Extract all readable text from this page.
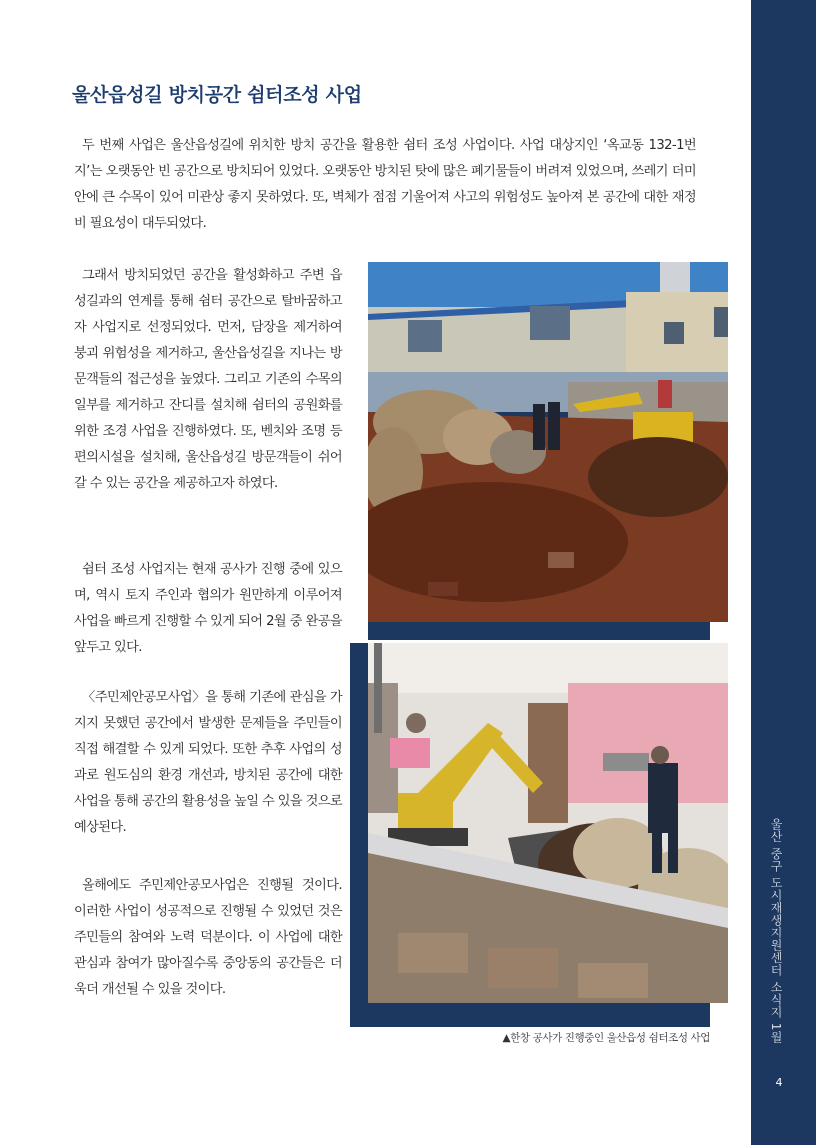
울산 중구 도시재생지원센터 소식지 1월
4
울산읍성길 방치공간 쉼터조성 사업

두 번째 사업은 울산읍성길에 위치한 방치 공간을 활용한 쉼터 조성 사업이다. 사업 대상지인 ‘옥교동 132-1번지’는 오랫동안 빈 공간으로 방치되어 있었다. 오랫동안 방치된 탓에 많은 폐기물들이 버려져 있었으며, 쓰레기 더미 안에 큰 수목이 있어 미관상 좋지 못하였다. 또, 벽체가 점점 기울어져 사고의 위험성도 높아져 본 공간에 대한 재정비 필요성이 대두되었다.

그래서 방치되었던 공간을 활성화하고 주변 읍성길과의 연계를 통해 쉼터 공간으로 탈바꿈하고자 사업지로 선정되었다. 먼저, 담장을 제거하여 붕괴 위험성을 제거하고, 울산읍성길을 지나는 방문객들의 접근성을 높였다. 그리고 기존의 수목의 일부를 제거하고 잔디를 설치해 쉼터의 공원화를 위한 조경 사업을 진행하였다. 또, 벤치와 조명 등 편의시설을 설치해, 울산읍성길 방문객들이 쉬어갈 수 있는 공간을 제공하고자 하였다.

쉼터 조성 사업지는 현재 공사가 진행 중에 있으며, 역시 토지 주인과 협의가 원만하게 이루어져 사업을 빠르게 진행할 수 있게 되어 2월 중 완공을 앞두고 있다.

〈주민제안공모사업〉을 통해 기존에 관심을 가지지 못했던 공간에서 발생한 문제들을 주민들이 직접 해결할 수 있게 되었다. 또한 추후 사업의 성과로 원도심의 환경 개선과, 방치된 공간에 대한 사업을 통해 공간의 활용성을 높일 수 있을 것으로 예상된다.

올해에도 주민제안공모사업은 진행될 것이다. 이러한 사업이 성공적으로 진행될 수 있었던 것은 주민들의 참여와 노력 덕분이다. 이 사업에 대한 관심과 참여가 많아질수록 중앙동의 공간들은 더욱더 개선될 수 있을 것이다.

▲한창 공사가 진행중인 울산읍성 쉼터조성 사업
